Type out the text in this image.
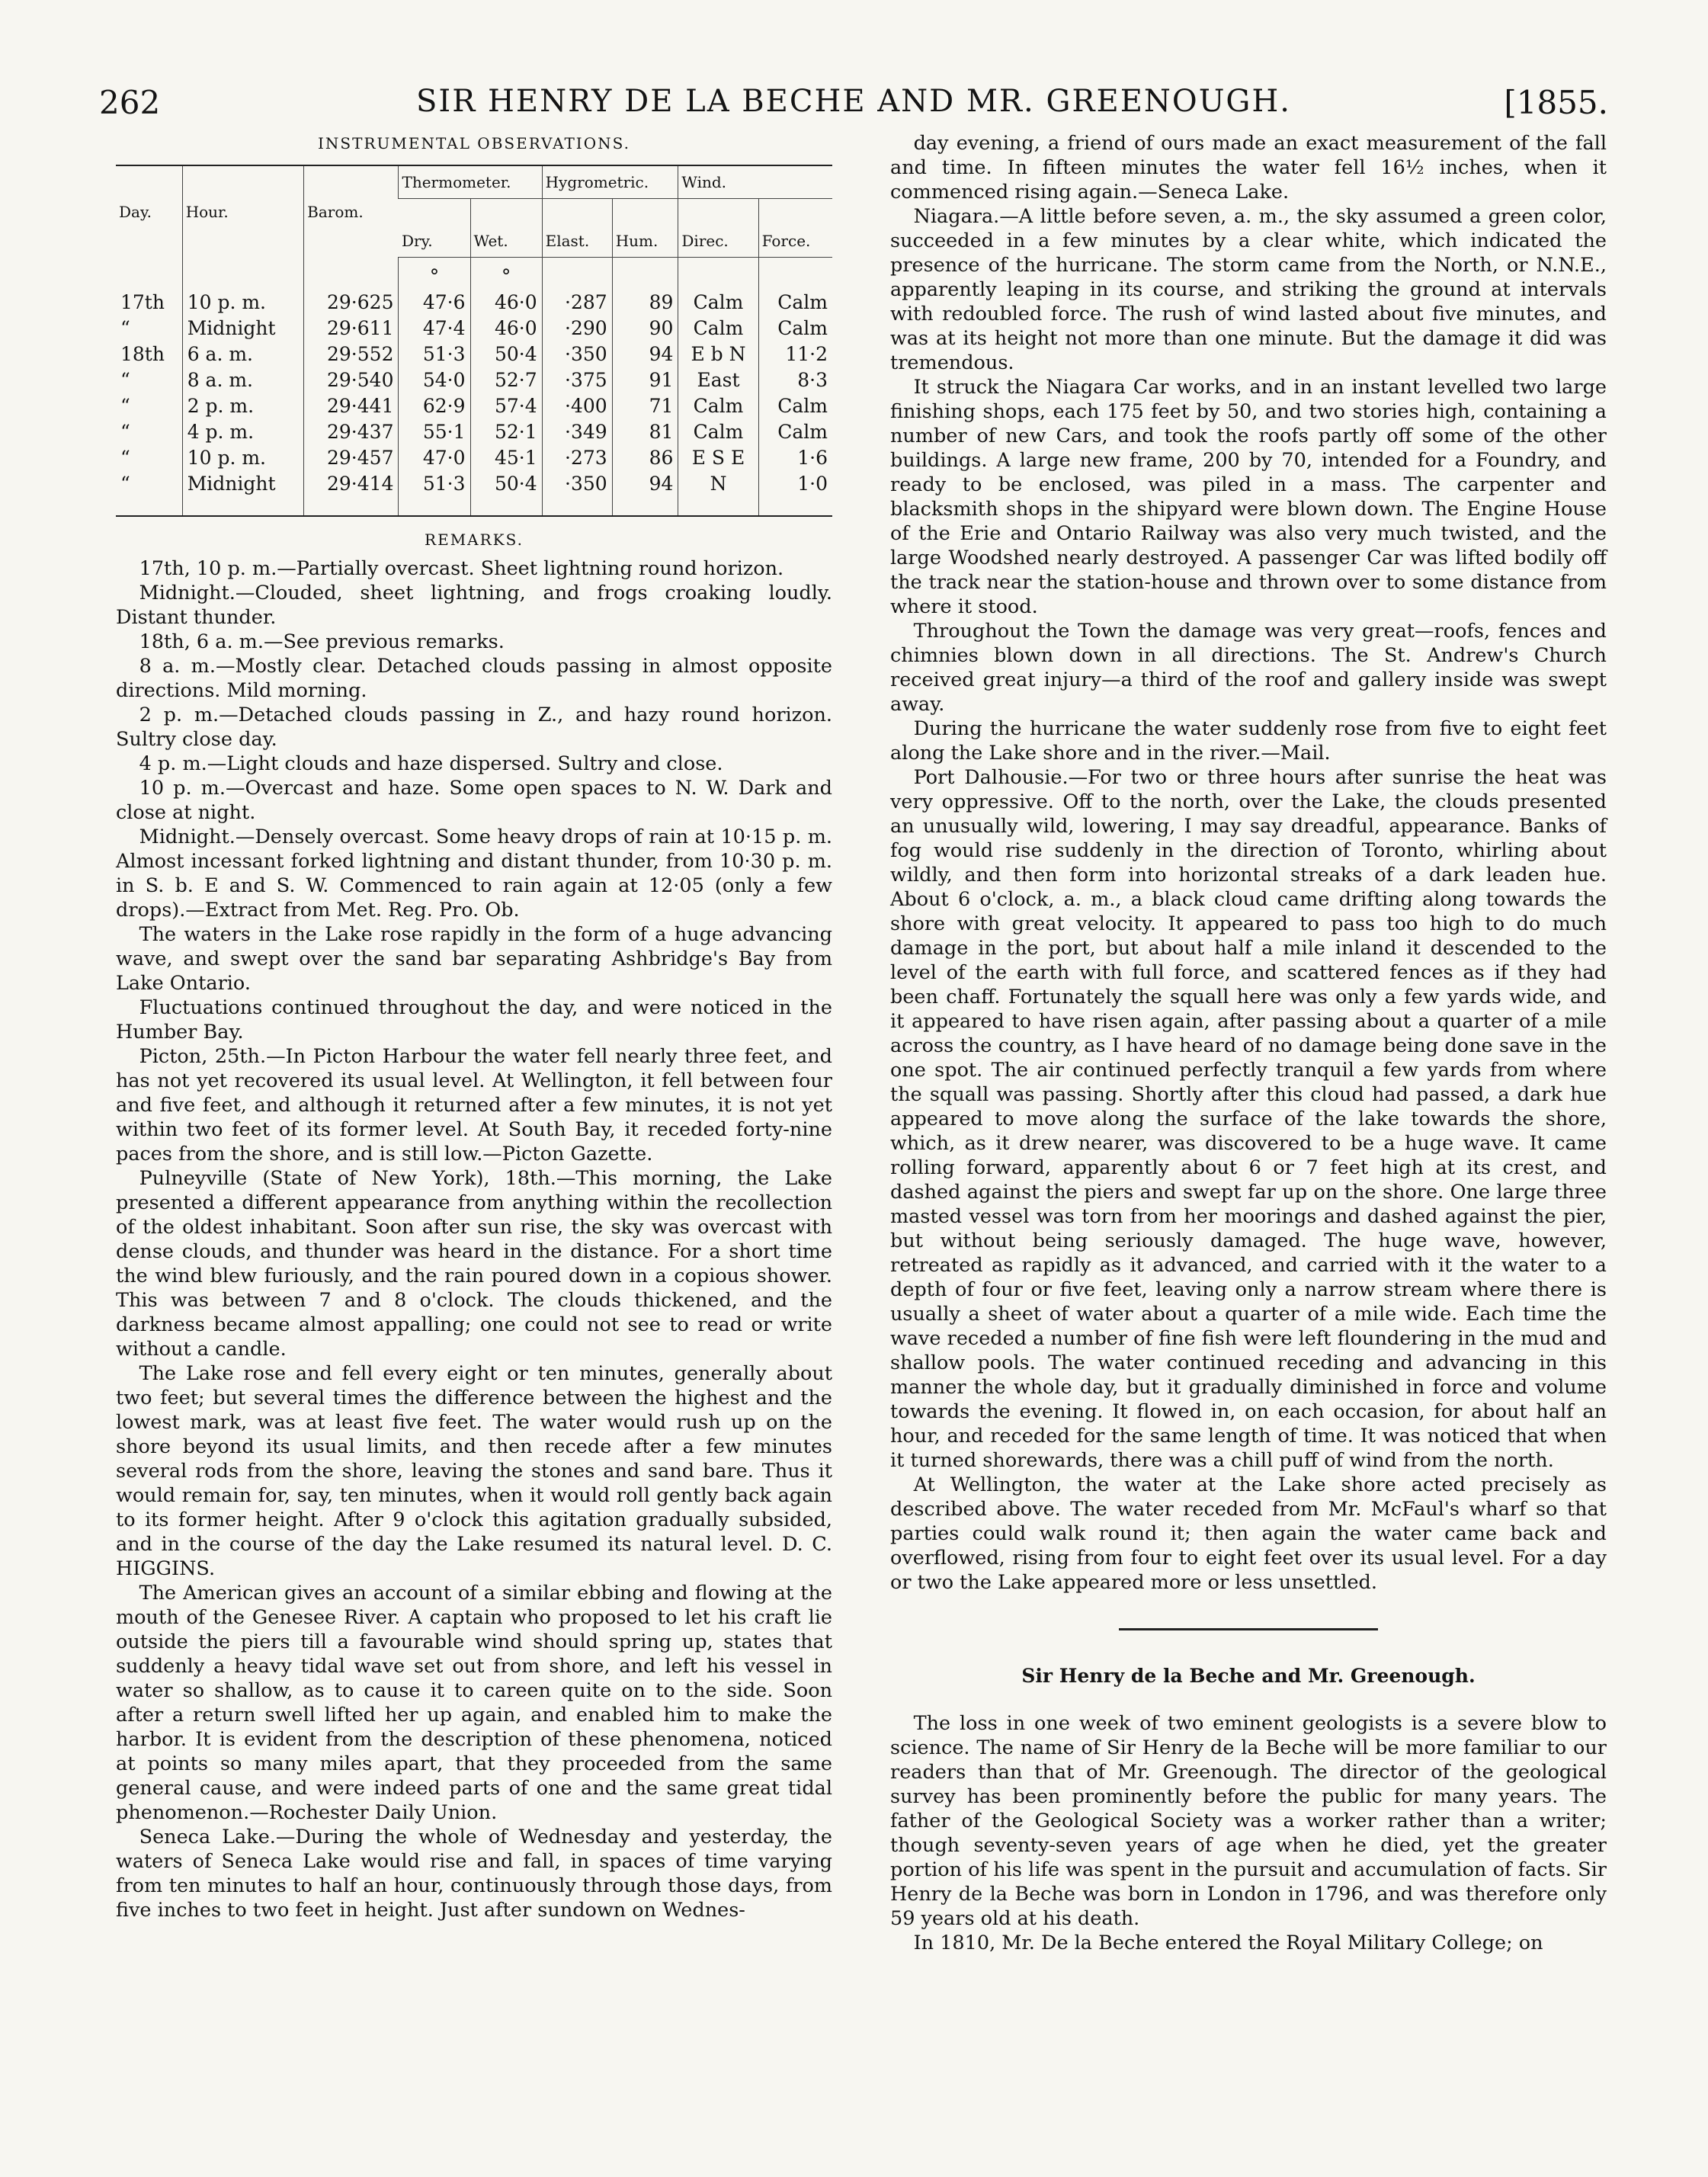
262	SIR HENRY DE LA BECHE AND MR. GREENOUGH.	[1855.
INSTRUMENTAL OBSERVATIONS.
Day.	Hour.	Barom.	Thermometer.		Hygrometric.		Wind.	
			Dry.	Wet.	Elast.	Hum.	Direc.	Force.
			°	°				
17th	10 p. m.	29·625	47·6	46·0	·287	89	Calm	Calm
“	Midnight	29·611	47·4	46·0	·290	90	Calm	Calm
18th	6 a. m.	29·552	51·3	50·4	·350	94	E b N	11·2
“	8 a. m.	29·540	54·0	52·7	·375	91	East	8·3
“	2 p. m.	29·441	62·9	57·4	·400	71	Calm	Calm
“	4 p. m.	29·437	55·1	52·1	·349	81	Calm	Calm
“	10 p. m.	29·457	47·0	45·1	·273	86	E S E	1·6
“	Midnight	29·414	51·3	50·4	·350	94	N	1·0
REMARKS.

17th, 10 p. m.—Partially overcast. Sheet lightning round horizon.

Midnight.—Clouded, sheet lightning, and frogs croaking loudly. Distant thunder.

18th, 6 a. m.—See previous remarks.

8 a. m.—Mostly clear. Detached clouds passing in almost opposite directions. Mild morning.

2 p. m.—Detached clouds passing in Z., and hazy round horizon. Sultry close day.

4 p. m.—Light clouds and haze dispersed. Sultry and close.

10 p. m.—Overcast and haze. Some open spaces to N. W. Dark and close at night.

Midnight.—Densely overcast. Some heavy drops of rain at 10·15 p. m. Almost incessant forked lightning and distant thunder, from 10·30 p. m. in S. b. E and S. W. Commenced to rain again at 12·05 (only a few drops).—Extract from Met. Reg. Pro. Ob.

The waters in the Lake rose rapidly in the form of a huge advancing wave, and swept over the sand bar separating Ashbridge's Bay from Lake Ontario.

Fluctuations continued throughout the day, and were noticed in the Humber Bay.

Picton, 25th.—In Picton Harbour the water fell nearly three feet, and has not yet recovered its usual level. At Wellington, it fell between four and five feet, and although it returned after a few minutes, it is not yet within two feet of its former level. At South Bay, it receded forty-nine paces from the shore, and is still low.—Picton Gazette.

Pulneyville (State of New York), 18th.—This morning, the Lake presented a different appearance from anything within the recollection of the oldest inhabitant. Soon after sun rise, the sky was overcast with dense clouds, and thunder was heard in the distance. For a short time the wind blew furiously, and the rain poured down in a copious shower. This was between 7 and 8 o'clock. The clouds thickened, and the darkness became almost appalling; one could not see to read or write without a candle.

The Lake rose and fell every eight or ten minutes, generally about two feet; but several times the difference between the highest and the lowest mark, was at least five feet. The water would rush up on the shore beyond its usual limits, and then recede after a few minutes several rods from the shore, leaving the stones and sand bare. Thus it would remain for, say, ten minutes, when it would roll gently back again to its former height. After 9 o'clock this agitation gradually subsided, and in the course of the day the Lake resumed its natural level. D. C. HIGGINS.

The American gives an account of a similar ebbing and flowing at the mouth of the Genesee River. A captain who proposed to let his craft lie outside the piers till a favourable wind should spring up, states that suddenly a heavy tidal wave set out from shore, and left his vessel in water so shallow, as to cause it to careen quite on to the side. Soon after a return swell lifted her up again, and enabled him to make the harbor. It is evident from the description of these phenomena, noticed at points so many miles apart, that they proceeded from the same general cause, and were indeed parts of one and the same great tidal phenomenon.—Rochester Daily Union.

Seneca Lake.—During the whole of Wednesday and yesterday, the waters of Seneca Lake would rise and fall, in spaces of time varying from ten minutes to half an hour, continuously through those days, from five inches to two feet in height. Just after sundown on Wednes-

day evening, a friend of ours made an exact measurement of the fall and time. In fifteen minutes the water fell 16½ inches, when it commenced rising again.—Seneca Lake.

Niagara.—A little before seven, a. m., the sky assumed a green color, succeeded in a few minutes by a clear white, which indicated the presence of the hurricane. The storm came from the North, or N.N.E., apparently leaping in its course, and striking the ground at intervals with redoubled force. The rush of wind lasted about five minutes, and was at its height not more than one minute. But the damage it did was tremendous.

It struck the Niagara Car works, and in an instant levelled two large finishing shops, each 175 feet by 50, and two stories high, containing a number of new Cars, and took the roofs partly off some of the other buildings. A large new frame, 200 by 70, intended for a Foundry, and ready to be enclosed, was piled in a mass. The carpenter and blacksmith shops in the shipyard were blown down. The Engine House of the Erie and Ontario Railway was also very much twisted, and the large Woodshed nearly destroyed. A passenger Car was lifted bodily off the track near the station-house and thrown over to some distance from where it stood.

Throughout the Town the damage was very great—roofs, fences and chimnies blown down in all directions. The St. Andrew's Church received great injury—a third of the roof and gallery inside was swept away.

During the hurricane the water suddenly rose from five to eight feet along the Lake shore and in the river.—Mail.

Port Dalhousie.—For two or three hours after sunrise the heat was very oppressive. Off to the north, over the Lake, the clouds presented an unusually wild, lowering, I may say dreadful, appearance. Banks of fog would rise suddenly in the direction of Toronto, whirling about wildly, and then form into horizontal streaks of a dark leaden hue. About 6 o'clock, a. m., a black cloud came drifting along towards the shore with great velocity. It appeared to pass too high to do much damage in the port, but about half a mile inland it descended to the level of the earth with full force, and scattered fences as if they had been chaff. Fortunately the squall here was only a few yards wide, and it appeared to have risen again, after passing about a quarter of a mile across the country, as I have heard of no damage being done save in the one spot. The air continued perfectly tranquil a few yards from where the squall was passing. Shortly after this cloud had passed, a dark hue appeared to move along the surface of the lake towards the shore, which, as it drew nearer, was discovered to be a huge wave. It came rolling forward, apparently about 6 or 7 feet high at its crest, and dashed against the piers and swept far up on the shore. One large three masted vessel was torn from her moorings and dashed against the pier, but without being seriously damaged. The huge wave, however, retreated as rapidly as it advanced, and carried with it the water to a depth of four or five feet, leaving only a narrow stream where there is usually a sheet of water about a quarter of a mile wide. Each time the wave receded a number of fine fish were left floundering in the mud and shallow pools. The water continued receding and advancing in this manner the whole day, but it gradually diminished in force and volume towards the evening. It flowed in, on each occasion, for about half an hour, and receded for the same length of time. It was noticed that when it turned shorewards, there was a chill puff of wind from the north.

At Wellington, the water at the Lake shore acted precisely as described above. The water receded from Mr. McFaul's wharf so that parties could walk round it; then again the water came back and overflowed, rising from four to eight feet over its usual level. For a day or two the Lake appeared more or less unsettled.

Sir Henry de la Beche and Mr. Greenough.

The loss in one week of two eminent geologists is a severe blow to science. The name of Sir Henry de la Beche will be more familiar to our readers than that of Mr. Greenough. The director of the geological survey has been prominently before the public for many years. The father of the Geological Society was a worker rather than a writer; though seventy-seven years of age when he died, yet the greater portion of his life was spent in the pursuit and accumulation of facts. Sir Henry de la Beche was born in London in 1796, and was therefore only 59 years old at his death.

In 1810, Mr. De la Beche entered the Royal Military College; on
